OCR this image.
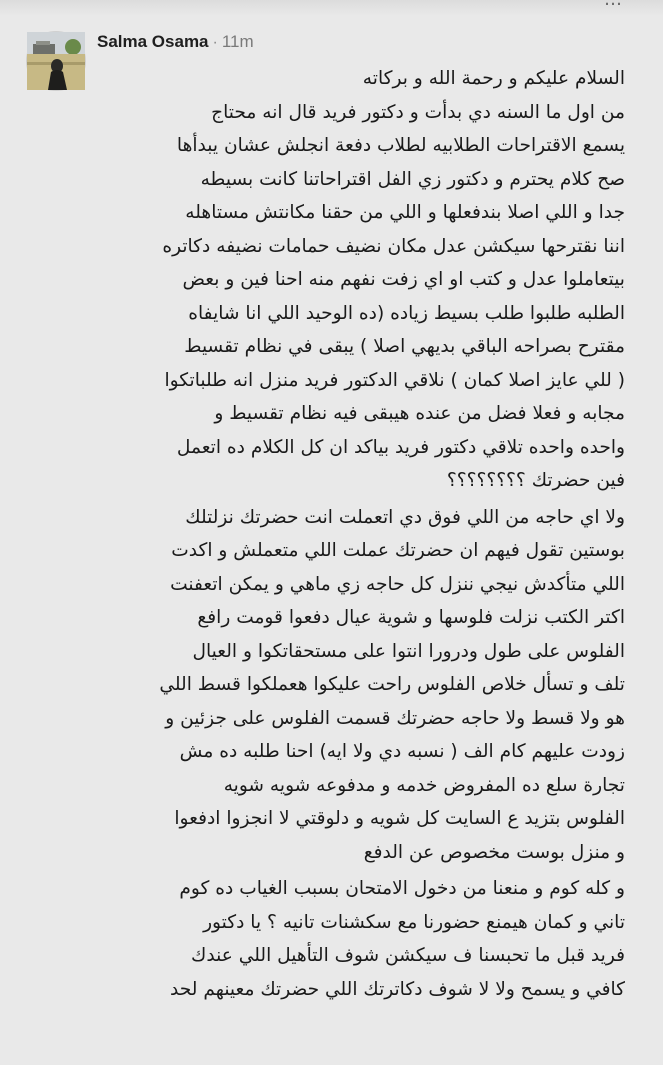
Salma Osama · 11m
السلام عليكم و رحمة الله و بركاته
من اول ما السنه دي بدأت و دكتور فريد قال انه محتاج
يسمع الاقتراحات الطلابيه لطلاب دفعة انجلش عشان يبدأها
صح كلام يحترم و دكتور زي الفل اقتراحاتنا كانت بسيطه
جدا و اللي اصلا بندفعلها و اللي من حقنا مكانتش مستاهله
اننا نقترحها سيكشن عدل مكان نضيف حمامات نضيفه دكاتره
بيتعاملوا عدل و كتب او اي زفت نفهم منه احنا فين و بعض
الطلبه طلبوا طلب بسيط زياده (ده الوحيد اللي انا شايفاه
مقترح بصراحه الباقي بديهي اصلا ) يبقى في نظام تقسيط
( للي عايز اصلا كمان ) نلاقي الدكتور فريد منزل انه طلباتكوا
مجابه و فعلا فضل من عنده هيبقى فيه نظام تقسيط و
واحده واحده تلاقي دكتور فريد بياكد ان كل الكلام ده اتعمل
فين حضرتك ؟؟؟؟؟؟؟؟
ولا اي حاجه من اللي فوق دي اتعملت انت حضرتك نزلتلك
بوستين تقول فيهم ان حضرتك عملت اللي متعملش و اكدت
اللي متأكدش نيجي ننزل كل حاجه زي ماهي و يمكن اتعفنت
اكتر الكتب نزلت فلوسها و شوية عيال دفعوا قومت رافع
الفلوس على طول ودرورا انتوا على مستحقاتكوا و العيال
تلف و تسأل خلاص الفلوس راحت عليكوا هعملكوا قسط اللي
هو ولا قسط ولا حاجه حضرتك قسمت الفلوس على جزئين و
زودت عليهم كام الف ( نسبه دي ولا ايه) احنا طلبه ده مش
تجارة سلع ده المفروض خدمه و مدفوعه شويه شويه
الفلوس بتزيد ع السايت كل شويه و دلوقتي لا انجزوا ادفعوا
و منزل بوست مخصوص عن الدفع
و كله كوم و منعنا من دخول الامتحان بسبب الغياب ده كوم
تاني و كمان هيمنع حضورنا مع سكشنات تانيه ؟ يا دكتور
فريد قبل ما تحبسنا ف سيكشن شوف التأهيل اللي عندك
كافي و يسمح ولا لا شوف دكاترتك اللي حضرتك معينهم لحد
